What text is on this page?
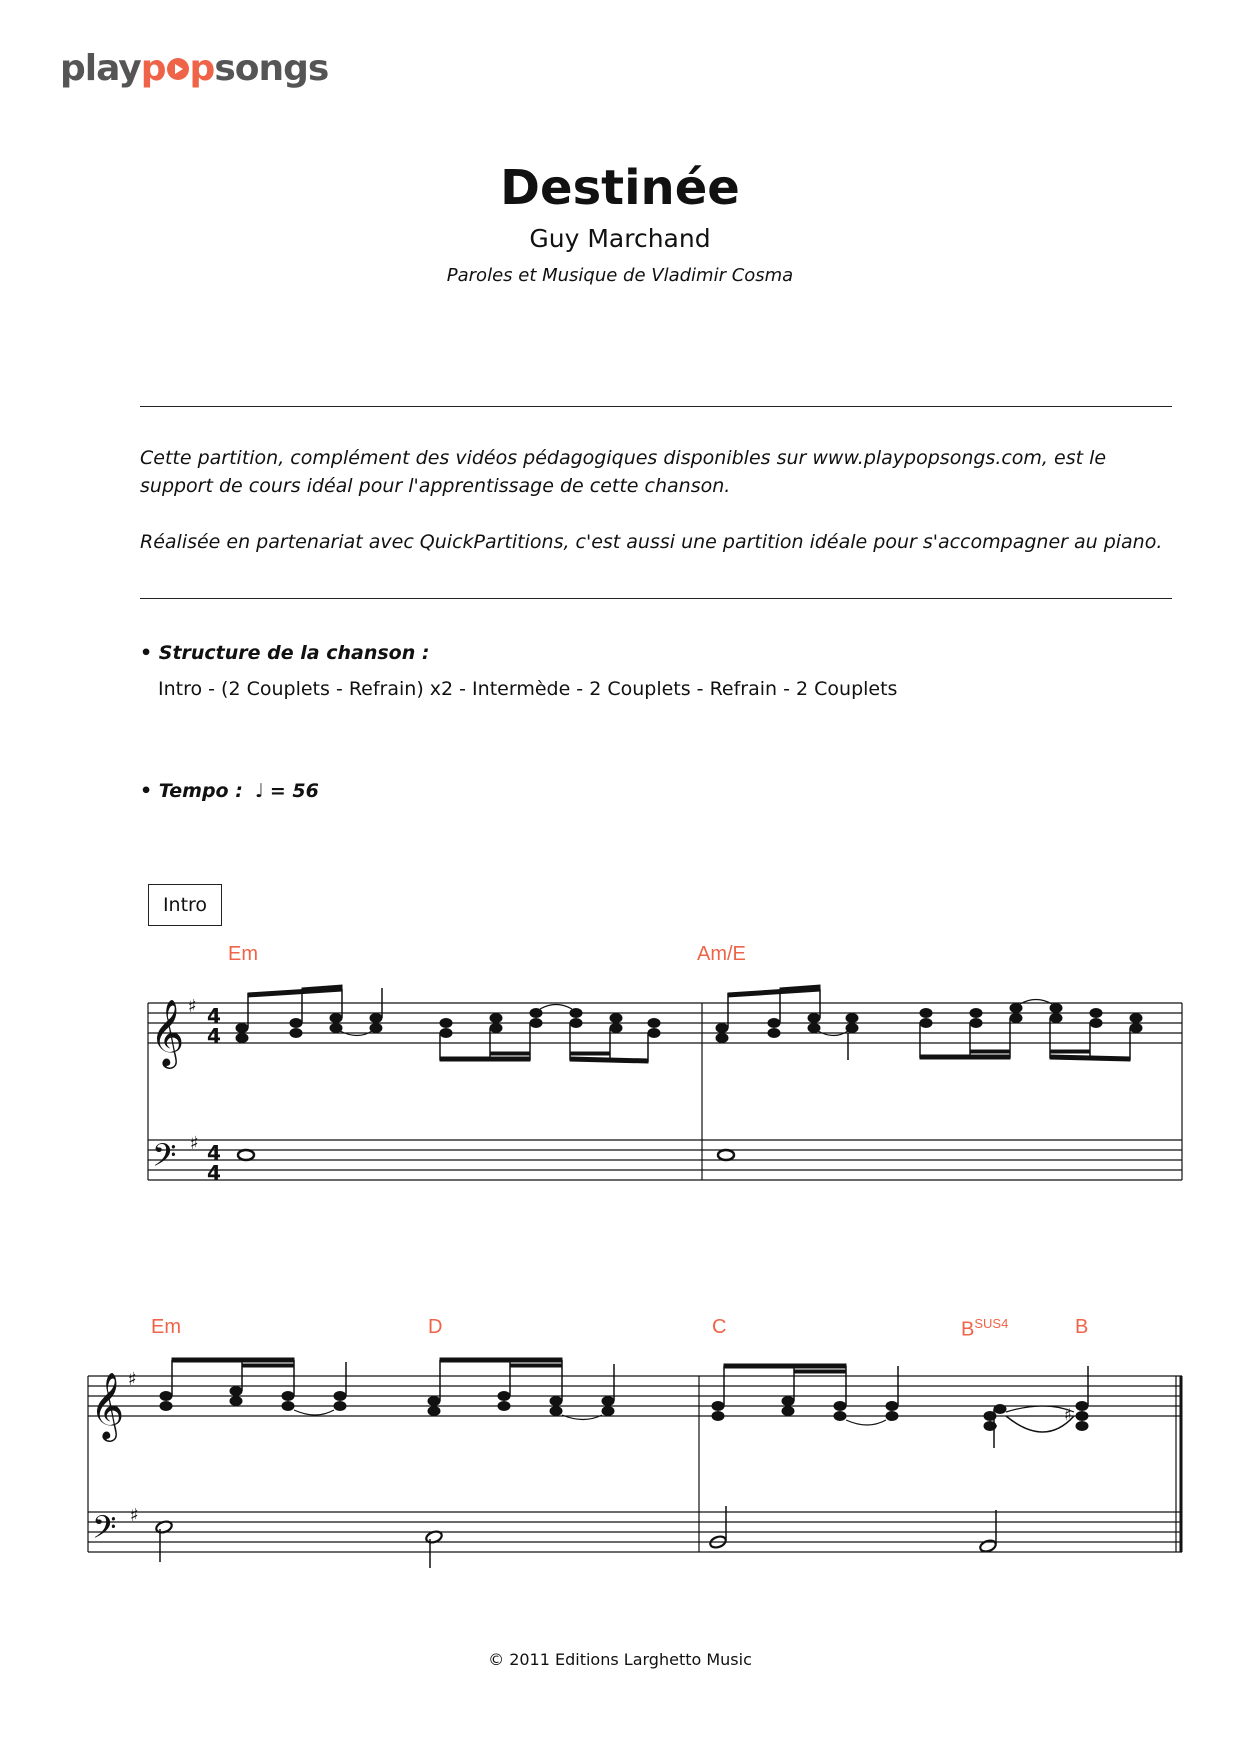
play p p songs
Destinée
Guy Marchand
Paroles et Musique de Vladimir Cosma

Cette partition, complément des vidéos pédagogiques disponibles sur www.playpopsongs.com, est le support de cours idéal pour l'apprentissage de cette chanson.

Réalisée en partenariat avec QuickPartitions, c'est aussi une partition idéale pour s'accompagner au piano.

• Structure de la chanson :
Intro - (2 Couplets - Refrain) x2 - Intermède - 2 Couplets - Refrain - 2 Couplets
• Tempo : ♩ = 56
Intro
Em	Am/E
Em	D	C	$B^{SUS4}$	B
𝄞
𝄢
♯
♯
4
4
4
4
𝄞
𝄢
♯
♯
♯
© 2011 Editions Larghetto Music
